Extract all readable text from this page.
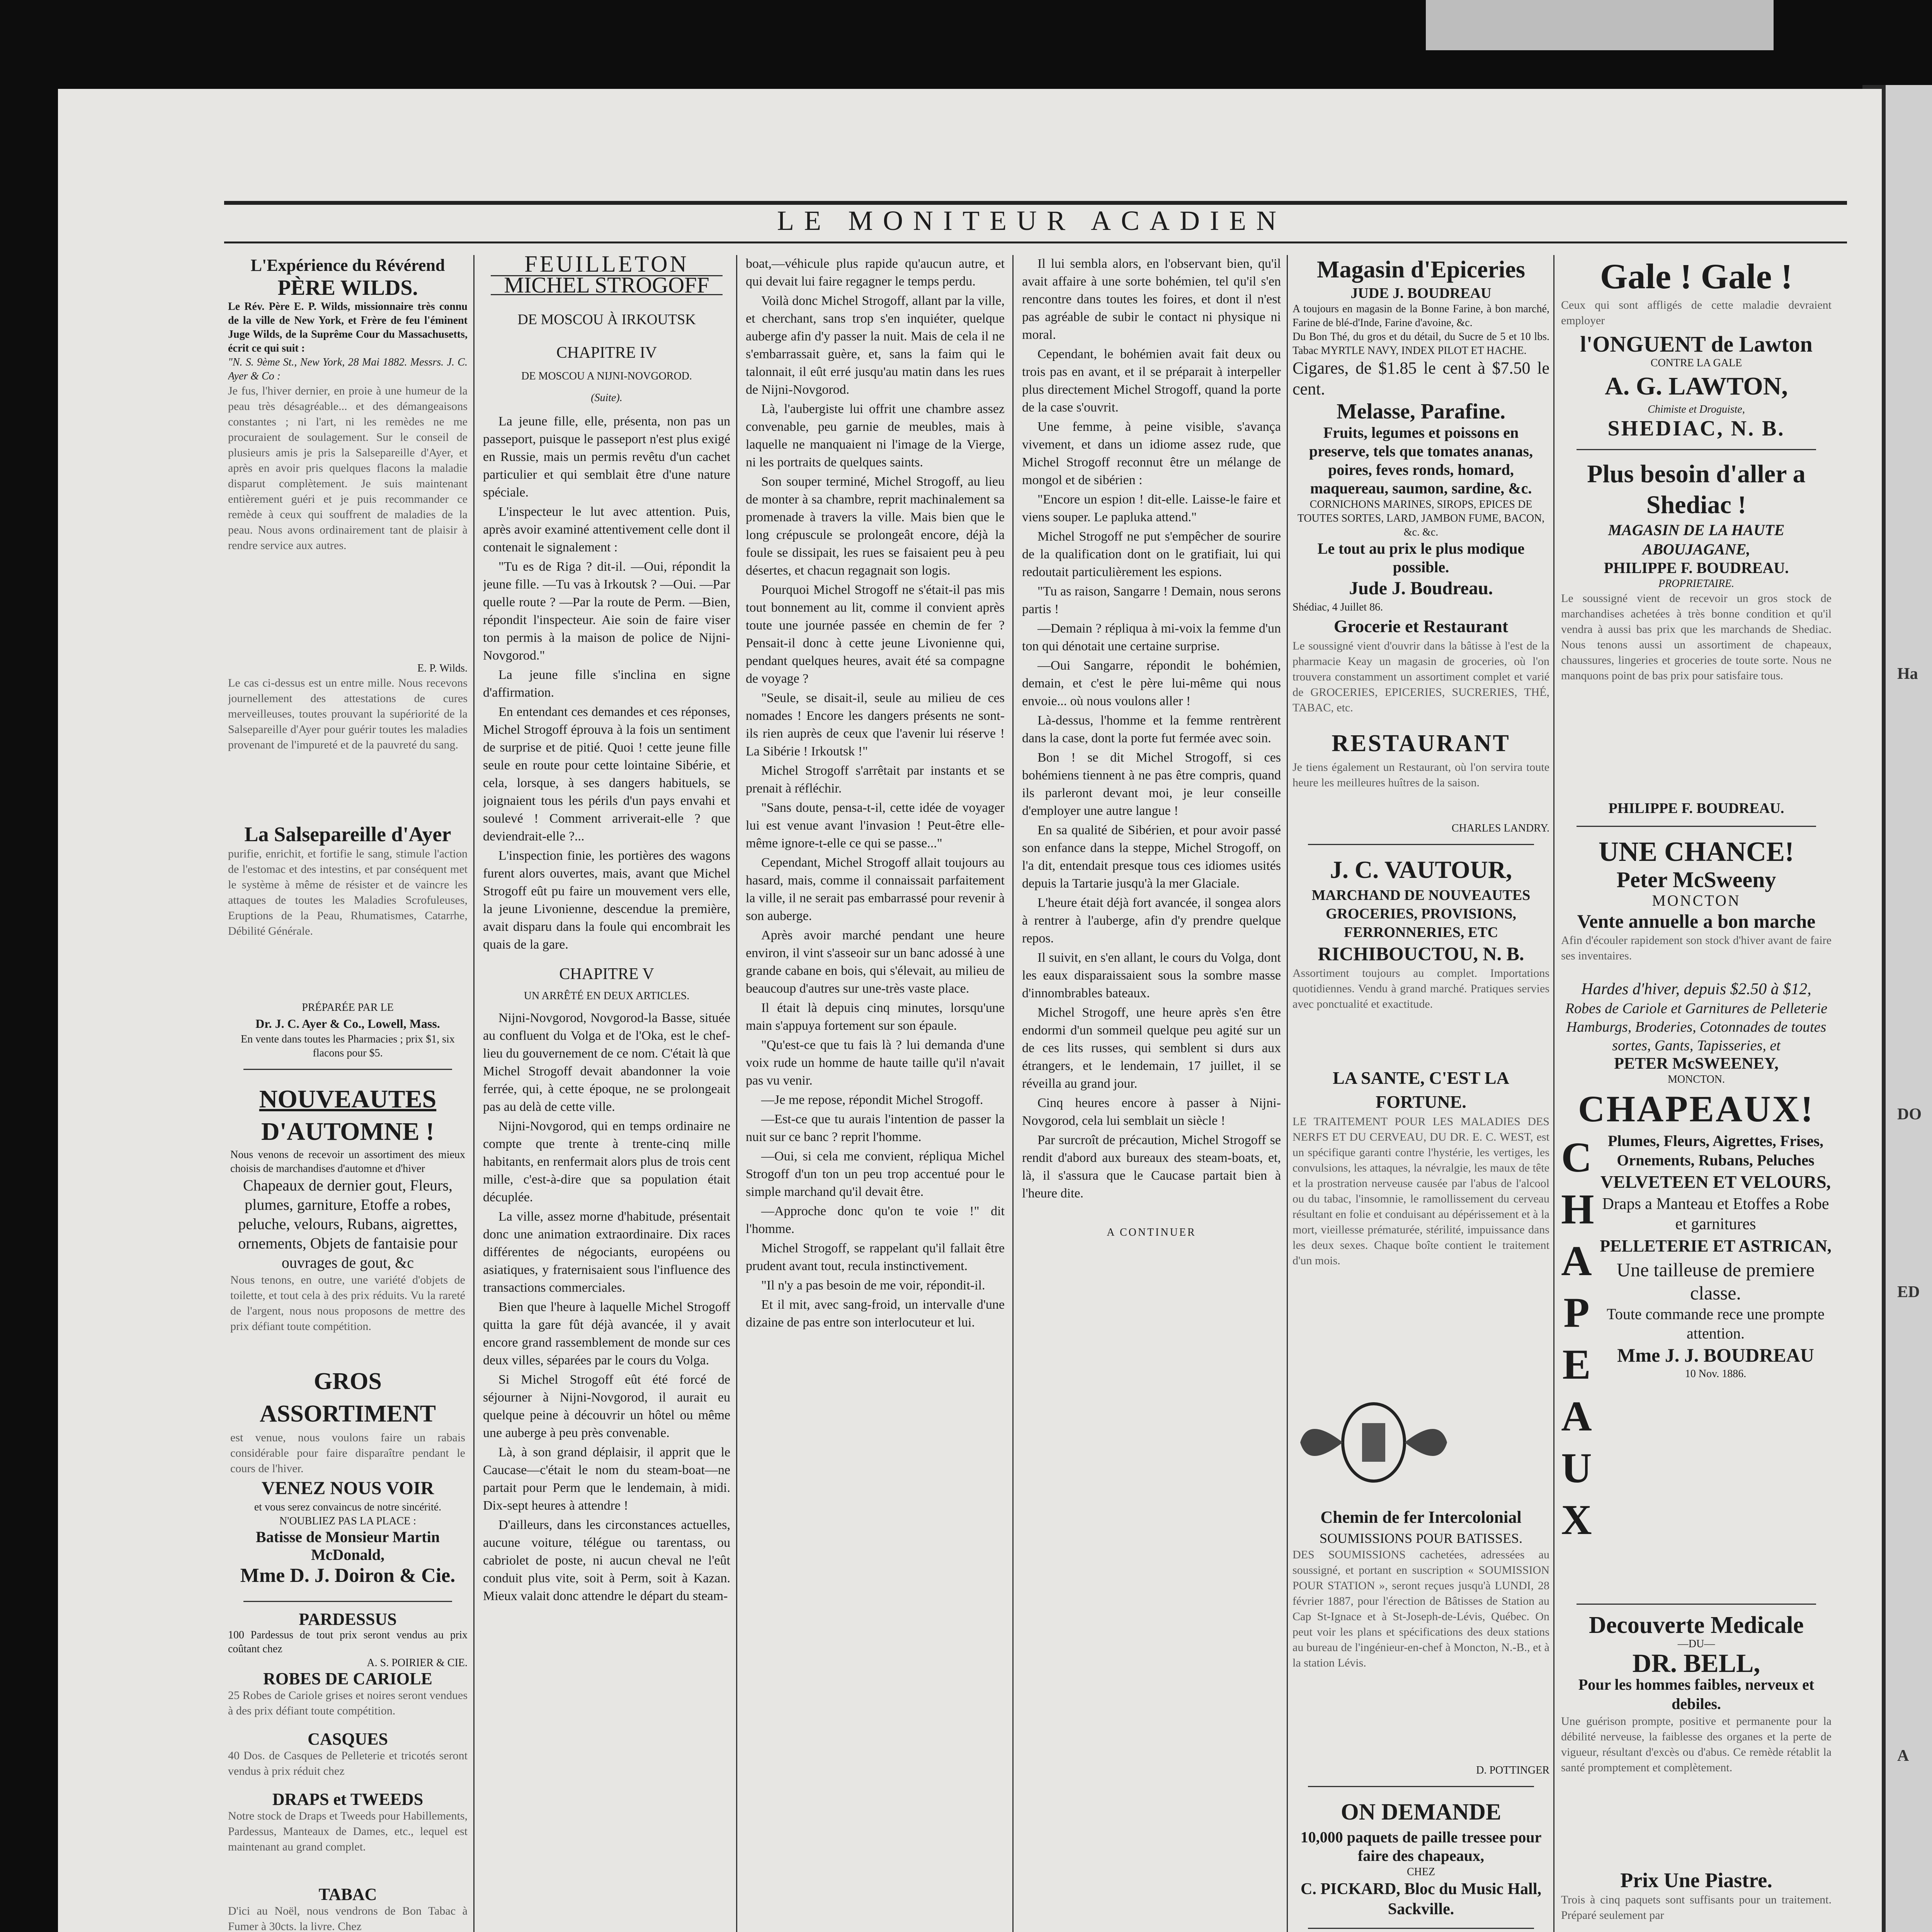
Ha
DO
ED
A
LE MONITEUR ACADIEN
L'Expérience du Révérend
PÈRE WILDS.
Le Rév. Père E. P. Wilds, missionnaire très connu de la ville de New York, et Frère de feu l'éminent Juge Wilds, de la Suprême Cour du Massachusetts, écrit ce qui suit :
"N. S. 9ème St., New York, 28 Mai 1882. Messrs. J. C. Ayer & Co :
Je fus, l'hiver dernier, en proie à une humeur de la peau très désagréable... et des démangeaisons constantes ; ni l'art, ni les remèdes ne me procuraient de soulagement. Sur le conseil de plusieurs amis je pris la Salsepareille d'Ayer, et après en avoir pris quelques flacons la maladie disparut complètement. Je suis maintenant entièrement guéri et je puis recommander ce remède à ceux qui souffrent de maladies de la peau. Nous avons ordinairement tant de plaisir à rendre service aux autres.
E. P. Wilds.
Le cas ci-dessus est un entre mille. Nous recevons journellement des attestations de cures merveilleuses, toutes prouvant la supériorité de la Salsepareille d'Ayer pour guérir toutes les maladies provenant de l'impureté et de la pauvreté du sang.
La Salsepareille d'Ayer
purifie, enrichit, et fortifie le sang, stimule l'action de l'estomac et des intestins, et par conséquent met le système à même de résister et de vaincre les attaques de toutes les Maladies Scrofuleuses, Eruptions de la Peau, Rhumatismes, Catarrhe, Débilité Générale.
PRÉPARÉE PAR LE
Dr. J. C. Ayer & Co., Lowell, Mass.
En vente dans toutes les Pharmacies ; prix $1, six flacons pour $5.
NOUVEAUTES
D'AUTOMNE !
Nous venons de recevoir un assortiment des mieux choisis de marchandises d'automne et d'hiver
Chapeaux de dernier gout, Fleurs, plumes, garniture, Etoffe a robes, peluche, velours, Rubans, aigrettes, ornements, Objets de fantaisie pour ouvrages de gout, &c
Nous tenons, en outre, une variété d'objets de toilette, et tout cela à des prix réduits. Vu la rareté de l'argent, nous nous proposons de mettre des prix défiant toute compétition.
GROS ASSORTIMENT
est venue, nous voulons faire un rabais considérable pour faire disparaître pendant le cours de l'hiver.
VENEZ NOUS VOIR
et vous serez convaincus de notre sincérité.
N'OUBLIEZ PAS LA PLACE :
Batisse de Monsieur Martin McDonald,
Mme D. J. Doiron & Cie.
PARDESSUS
100 Pardessus de tout prix seront vendus au prix coûtant chez
A. S. POIRIER & CIE.
ROBES DE CARIOLE
25 Robes de Cariole grises et noires seront vendues à des prix défiant toute compétition.
CASQUES
40 Dos. de Casques de Pelleterie et tricotés seront vendus à prix réduit chez
DRAPS et TWEEDS
Notre stock de Draps et Tweeds pour Habillements, Pardessus, Manteaux de Dames, etc., lequel est maintenant au grand complet.
TABAC
D'ici au Noël, nous vendrons de Bon Tabac à Fumer à 30cts. la livre. Chez
FEUILLETON
MICHEL STROGOFF
DE MOSCOU À IRKOUTSK
CHAPITRE IV
DE MOSCOU A NIJNI-NOVGOROD.
(Suite).

La jeune fille, elle, présenta, non pas un passeport, puisque le passeport n'est plus exigé en Russie, mais un permis revêtu d'un cachet particulier et qui semblait être d'une nature spéciale.

L'inspecteur le lut avec attention. Puis, après avoir examiné attentivement celle dont il contenait le signalement :

"Tu es de Riga ? dit-il. —Oui, répondit la jeune fille. —Tu vas à Irkoutsk ? —Oui. —Par quelle route ? —Par la route de Perm. —Bien, répondit l'inspecteur. Aie soin de faire viser ton permis à la maison de police de Nijni-Novgorod."

La jeune fille s'inclina en signe d'affirmation.

En entendant ces demandes et ces réponses, Michel Strogoff éprouva à la fois un sentiment de surprise et de pitié. Quoi ! cette jeune fille seule en route pour cette lointaine Sibérie, et cela, lorsque, à ses dangers habituels, se joignaient tous les périls d'un pays envahi et soulevé ! Comment arriverait-elle ? que deviendrait-elle ?...

L'inspection finie, les portières des wagons furent alors ouvertes, mais, avant que Michel Strogoff eût pu faire un mouvement vers elle, la jeune Livonienne, descendue la première, avait disparu dans la foule qui encombrait les quais de la gare.

CHAPITRE V
UN ARRÊTÉ EN DEUX ARTICLES.

Nijni-Novgorod, Novgorod-la Basse, située au confluent du Volga et de l'Oka, est le chef-lieu du gouvernement de ce nom. C'était là que Michel Strogoff devait abandonner la voie ferrée, qui, à cette époque, ne se prolongeait pas au delà de cette ville.

Nijni-Novgorod, qui en temps ordinaire ne compte que trente à trente-cinq mille habitants, en renfermait alors plus de trois cent mille, c'est-à-dire que sa population était décuplée.

La ville, assez morne d'habitude, présentait donc une animation extraordinaire. Dix races différentes de négociants, européens ou asiatiques, y fraternisaient sous l'influence des transactions commerciales.

Bien que l'heure à laquelle Michel Strogoff quitta la gare fût déjà avancée, il y avait encore grand rassemblement de monde sur ces deux villes, séparées par le cours du Volga.

Si Michel Strogoff eût été forcé de séjourner à Nijni-Novgorod, il aurait eu quelque peine à découvrir un hôtel ou même une auberge à peu près convenable.

Là, à son grand déplaisir, il apprit que le Caucase—c'était le nom du steam-boat—ne partait pour Perm que le lendemain, à midi. Dix-sept heures à attendre !

D'ailleurs, dans les circonstances actuelles, aucune voiture, télégue ou tarentass, ou cabriolet de poste, ni aucun cheval ne l'eût conduit plus vite, soit à Perm, soit à Kazan. Mieux valait donc attendre le départ du steam-

boat,—véhicule plus rapide qu'aucun autre, et qui devait lui faire regagner le temps perdu.

Voilà donc Michel Strogoff, allant par la ville, et cherchant, sans trop s'en inquiéter, quelque auberge afin d'y passer la nuit. Mais de cela il ne s'embarrassait guère, et, sans la faim qui le talonnait, il eût erré jusqu'au matin dans les rues de Nijni-Novgorod.

Là, l'aubergiste lui offrit une chambre assez convenable, peu garnie de meubles, mais à laquelle ne manquaient ni l'image de la Vierge, ni les portraits de quelques saints.

Son souper terminé, Michel Strogoff, au lieu de monter à sa chambre, reprit machinalement sa promenade à travers la ville. Mais bien que le long crépuscule se prolongeât encore, déjà la foule se dissipait, les rues se faisaient peu à peu désertes, et chacun regagnait son logis.

Pourquoi Michel Strogoff ne s'était-il pas mis tout bonnement au lit, comme il convient après toute une journée passée en chemin de fer ? Pensait-il donc à cette jeune Livonienne qui, pendant quelques heures, avait été sa compagne de voyage ?

"Seule, se disait-il, seule au milieu de ces nomades ! Encore les dangers présents ne sont-ils rien auprès de ceux que l'avenir lui réserve ! La Sibérie ! Irkoutsk !"

Michel Strogoff s'arrêtait par instants et se prenait à réfléchir.

"Sans doute, pensa-t-il, cette idée de voyager lui est venue avant l'invasion ! Peut-être elle-même ignore-t-elle ce qui se passe..."

Cependant, Michel Strogoff allait toujours au hasard, mais, comme il connaissait parfaitement la ville, il ne serait pas embarrassé pour revenir à son auberge.

Après avoir marché pendant une heure environ, il vint s'asseoir sur un banc adossé à une grande cabane en bois, qui s'élevait, au milieu de beaucoup d'autres sur une-très vaste place.

Il était là depuis cinq minutes, lorsqu'une main s'appuya fortement sur son épaule.

"Qu'est-ce que tu fais là ? lui demanda d'une voix rude un homme de haute taille qu'il n'avait pas vu venir.

—Je me repose, répondit Michel Strogoff.

—Est-ce que tu aurais l'intention de passer la nuit sur ce banc ? reprit l'homme.

—Oui, si cela me convient, répliqua Michel Strogoff d'un ton un peu trop accentué pour le simple marchand qu'il devait être.

—Approche donc qu'on te voie !" dit l'homme.

Michel Strogoff, se rappelant qu'il fallait être prudent avant tout, recula instinctivement.

"Il n'y a pas besoin de me voir, répondit-il.

Et il mit, avec sang-froid, un intervalle d'une dizaine de pas entre son interlocuteur et lui.

Il lui sembla alors, en l'observant bien, qu'il avait affaire à une sorte bohémien, tel qu'il s'en rencontre dans toutes les foires, et dont il n'est pas agréable de subir le contact ni physique ni moral.

Cependant, le bohémien avait fait deux ou trois pas en avant, et il se préparait à interpeller plus directement Michel Strogoff, quand la porte de la case s'ouvrit.

Une femme, à peine visible, s'avança vivement, et dans un idiome assez rude, que Michel Strogoff reconnut être un mélange de mongol et de sibérien :

"Encore un espion ! dit-elle. Laisse-le faire et viens souper. Le papluka attend."

Michel Strogoff ne put s'empêcher de sourire de la qualification dont on le gratifiait, lui qui redoutait particulièrement les espions.

"Tu as raison, Sangarre ! Demain, nous serons partis !

—Demain ? répliqua à mi-voix la femme d'un ton qui dénotait une certaine surprise.

—Oui Sangarre, répondit le bohémien, demain, et c'est le père lui-même qui nous envoie... où nous voulons aller !

Là-dessus, l'homme et la femme rentrèrent dans la case, dont la porte fut fermée avec soin.

Bon ! se dit Michel Strogoff, si ces bohémiens tiennent à ne pas être compris, quand ils parleront devant moi, je leur conseille d'employer une autre langue !

En sa qualité de Sibérien, et pour avoir passé son enfance dans la steppe, Michel Strogoff, on l'a dit, entendait presque tous ces idiomes usités depuis la Tartarie jusqu'à la mer Glaciale.

L'heure était déjà fort avancée, il songea alors à rentrer à l'auberge, afin d'y prendre quelque repos.

Il suivit, en s'en allant, le cours du Volga, dont les eaux disparaissaient sous la sombre masse d'innombrables bateaux.

Michel Strogoff, une heure après s'en être endormi d'un sommeil quelque peu agité sur un de ces lits russes, qui semblent si durs aux étrangers, et le lendemain, 17 juillet, il se réveilla au grand jour.

Cinq heures encore à passer à Nijni-Novgorod, cela lui semblait un siècle !

Par surcroît de précaution, Michel Strogoff se rendit d'abord aux bureaux des steam-boats, et, là, il s'assura que le Caucase partait bien à l'heure dite.

A CONTINUER
Magasin d'Epiceries
JUDE J. BOUDREAU
A toujours en magasin de la Bonne Farine, à bon marché, Farine de blé-d'Inde, Farine d'avoine, &c.
Du Bon Thé, du gros et du détail, du Sucre de 5 et 10 lbs. Tabac MYRTLE NAVY, INDEX PILOT ET HACHE.
Cigares, de $1.85 le cent à $7.50 le cent.
Melasse, Parafine.
Fruits, legumes et poissons en preserve, tels que tomates ananas, poires, feves ronds, homard, maquereau, saumon, sardine, &c.
CORNICHONS MARINES, SIROPS, EPICES DE TOUTES SORTES, LARD, JAMBON FUME, BACON, &c. &c.
Le tout au prix le plus modique possible.
Jude J. Boudreau.
Shédiac, 4 Juillet 86.
Grocerie et Restaurant
Le soussigné vient d'ouvrir dans la bâtisse à l'est de la pharmacie Keay un magasin de groceries, où l'on trouvera constamment un assortiment complet et varié de GROCERIES, EPICERIES, SUCRERIES, THÉ, TABAC, etc.
RESTAURANT
Je tiens également un Restaurant, où l'on servira toute heure les meilleures huîtres de la saison.
CHARLES LANDRY.
J. C. VAUTOUR,
MARCHAND DE NOUVEAUTES GROCERIES, PROVISIONS, FERRONNERIES, ETC
RICHIBOUCTOU, N. B.
Assortiment toujours au complet. Importations quotidiennes. Vendu à grand marché. Pratiques servies avec ponctualité et exactitude.
LA SANTE, C'EST LA FORTUNE.
LE TRAITEMENT POUR LES MALADIES DES NERFS ET DU CERVEAU, DU DR. E. C. WEST, est un spécifique garanti contre l'hystérie, les vertiges, les convulsions, les attaques, la névralgie, les maux de tête et la prostration nerveuse causée par l'abus de l'alcool ou du tabac, l'insomnie, le ramollissement du cerveau résultant en folie et conduisant au dépérissement et à la mort, vieillesse prématurée, stérilité, impuissance dans les deux sexes. Chaque boîte contient le traitement d'un mois.
Chemin de fer Intercolonial
SOUMISSIONS POUR BATISSES.
DES SOUMISSIONS cachetées, adressées au soussigné, et portant en suscription « SOUMISSION POUR STATION », seront reçues jusqu'à LUNDI, 28 février 1887, pour l'érection de Bâtisses de Station au Cap St-Ignace et à St-Joseph-de-Lévis, Québec. On peut voir les plans et spécifications des deux stations au bureau de l'ingénieur-en-chef à Moncton, N.-B., et à la station Lévis.
D. POTTINGER
ON DEMANDE
10,000 paquets de paille tressee pour faire des chapeaux,
CHEZ
C. PICKARD, Bloc du Music Hall, Sackville.
Gale ! Gale !
Ceux qui sont affligés de cette maladie devraient employer
l'ONGUENT de Lawton
CONTRE LA GALE
A. G. LAWTON,
Chimiste et Droguiste,
SHEDIAC, N. B.
Plus besoin d'aller a Shediac !
MAGASIN DE LA HAUTE ABOUJAGANE,
PHILIPPE F. BOUDREAU.
PROPRIETAIRE.
Le soussigné vient de recevoir un gros stock de marchandises achetées à très bonne condition et qu'il vendra à aussi bas prix que les marchands de Shediac. Nous tenons aussi un assortiment de chapeaux, chaussures, lingeries et groceries de toute sorte. Nous ne manquons point de bas prix pour satisfaire tous.
PHILIPPE F. BOUDREAU.
UNE CHANCE!
Peter McSweeny
MONCTON
Vente annuelle a bon marche
Afin d'écouler rapidement son stock d'hiver avant de faire ses inventaires.
Hardes d'hiver, depuis $2.50 à $12,
Robes de Cariole et Garnitures de Pelleterie
Hamburgs, Broderies, Cotonnades de toutes sortes, Gants, Tapisseries, et
PETER McSWEENEY,
MONCTON.
CHAPEAUX!
C
H
A
P
E
A
U
X
Plumes, Fleurs, Aigrettes, Frises, Ornements, Rubans, Peluches
VELVETEEN ET VELOURS,
Draps a Manteau et Etoffes a Robe et garnitures
PELLETERIE ET ASTRICAN,
Une tailleuse de premiere classe.
Toute commande rece une prompte attention.
Mme J. J. BOUDREAU
10 Nov. 1886.
Decouverte Medicale
—DU—
DR. BELL,
Pour les hommes faibles, nerveux et debiles.
Une guérison prompte, positive et permanente pour la débilité nerveuse, la faiblesse des organes et la perte de vigueur, résultant d'excès ou d'abus. Ce remède rétablit la santé promptement et complètement.
Prix Une Piastre.
Trois à cinq paquets sont suffisants pour un traitement. Préparé seulement par
